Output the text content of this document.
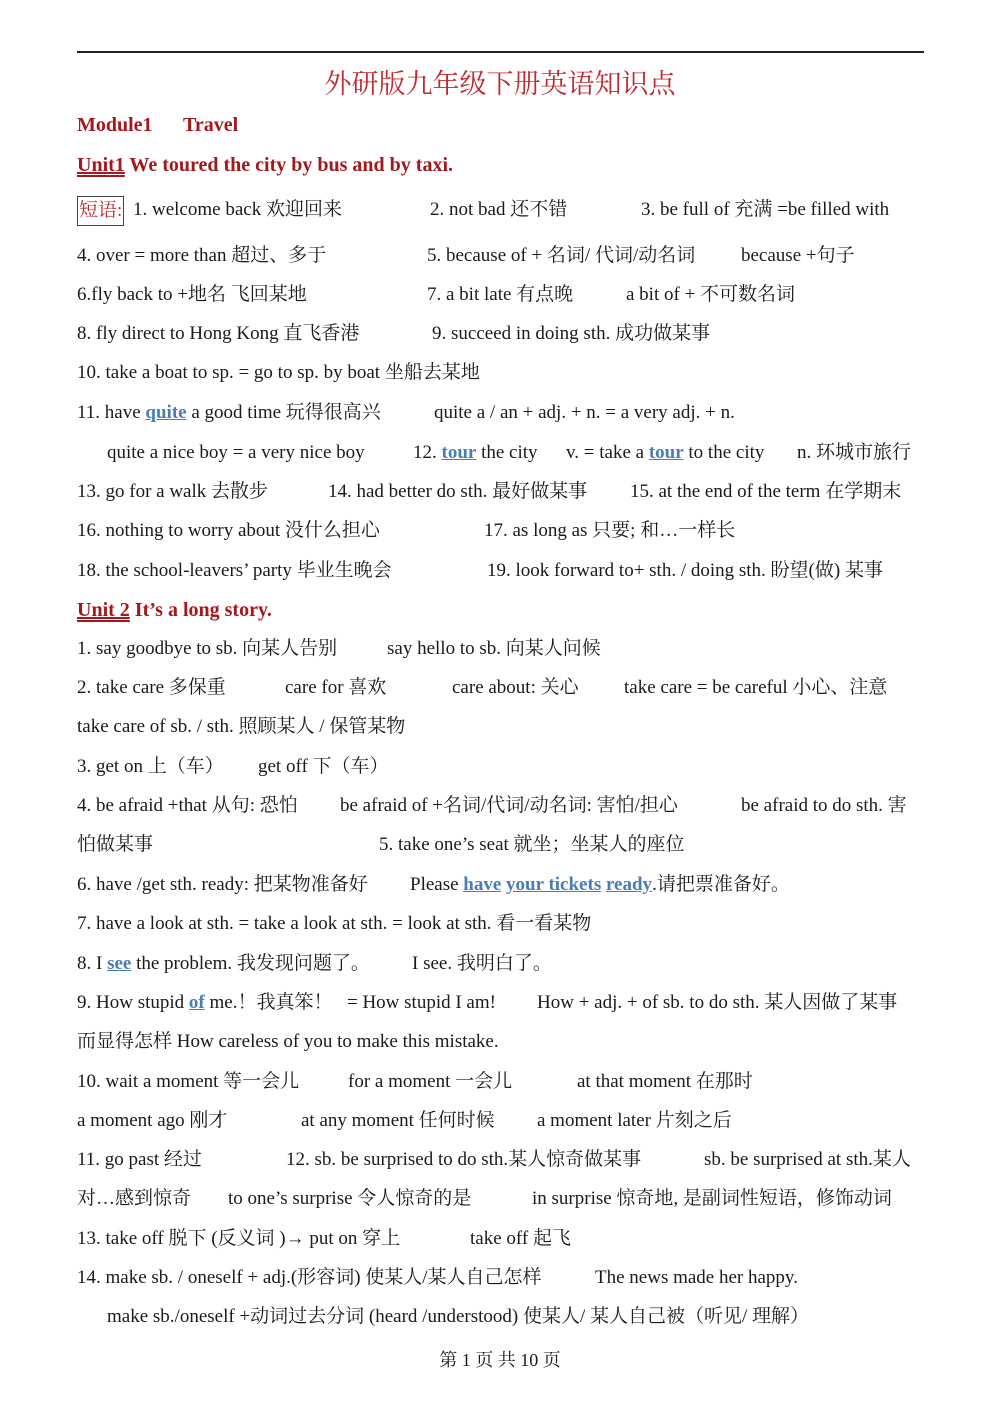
外研版九年级下册英语知识点
Module1 Travel
Unit1 We toured the city by bus and by taxi.
短语: 1. welcome back 欢迎回来	2. not bad 还不错	3. be full of 充满 =be filled with
4. over = more than 超过、多于	5. because of + 名词/ 代词/动名词 because +句子
6.fly back to +地名 飞回某地	7. a bit late 有点晚	a bit of + 不可数名词
8. fly direct to Hong Kong 直飞香港	9. succeed in doing sth. 成功做某事
10. take a boat to sp. = go to sp. by boat 坐船去某地
11. have quite a good time 玩得很高兴	quite a / an + adj. + n. = a very adj. + n.
quite a nice boy = a very nice boy	12. tour the city v. = take a tour to the city n. 环城市旅行
13. go for a walk 去散步	14. had better do sth. 最好做某事 15. at the end of the term 在学期末
16. nothing to worry about 没什么担心	17. as long as 只要; 和…一样长
18. the school-leavers’ party 毕业生晚会	19. look forward to+ sth. / doing sth. 盼望(做) 某事
Unit 2 It’s a long story.
1. say goodbye to sb. 向某人告别	say hello to sb. 向某人问候
2. take care 多保重	care for 喜欢	care about: 关心 take care = be careful 小心、注意
take care of sb. / sth. 照顾某人 / 保管某物
3. get on 上（车） get off 下（车）
4. be afraid +that 从句: 恐怕 be afraid of +名词/代词/动名词: 害怕/担心	be afraid to do sth. 害
怕做某事	5. take one’s seat 就坐；坐某人的座位
6. have /get sth. ready: 把某物准备好 Please have your tickets ready.请把票准备好。
7. have a look at sth. = take a look at sth. = look at sth. 看一看某物
8. I see the problem. 我发现问题了。 I see. 我明白了。
9. How stupid of me.！我真笨！ = How stupid I am! How + adj. + of sb. to do sth. 某人因做了某事
而显得怎样 How careless of you to make this mistake.
10. wait a moment 等一会儿	for a moment 一会儿	at that moment 在那时
a moment ago 刚才	at any moment 任何时候 a moment later 片刻之后
11. go past 经过	12. sb. be surprised to do sth.某人惊奇做某事	sb. be surprised at sth.某人
对…感到惊奇 to one’s surprise 令人惊奇的是	in surprise 惊奇地, 是副词性短语，修饰动词
13. take off 脱下 (反义词 )→ put on 穿上	take off 起飞
14. make sb. / oneself + adj.(形容词) 使某人/某人自己怎样	The news made her happy.
make sb./oneself +动词过去分词 (heard /understood) 使某人/ 某人自己被（听见/ 理解）
第 1 页 共 10 页
